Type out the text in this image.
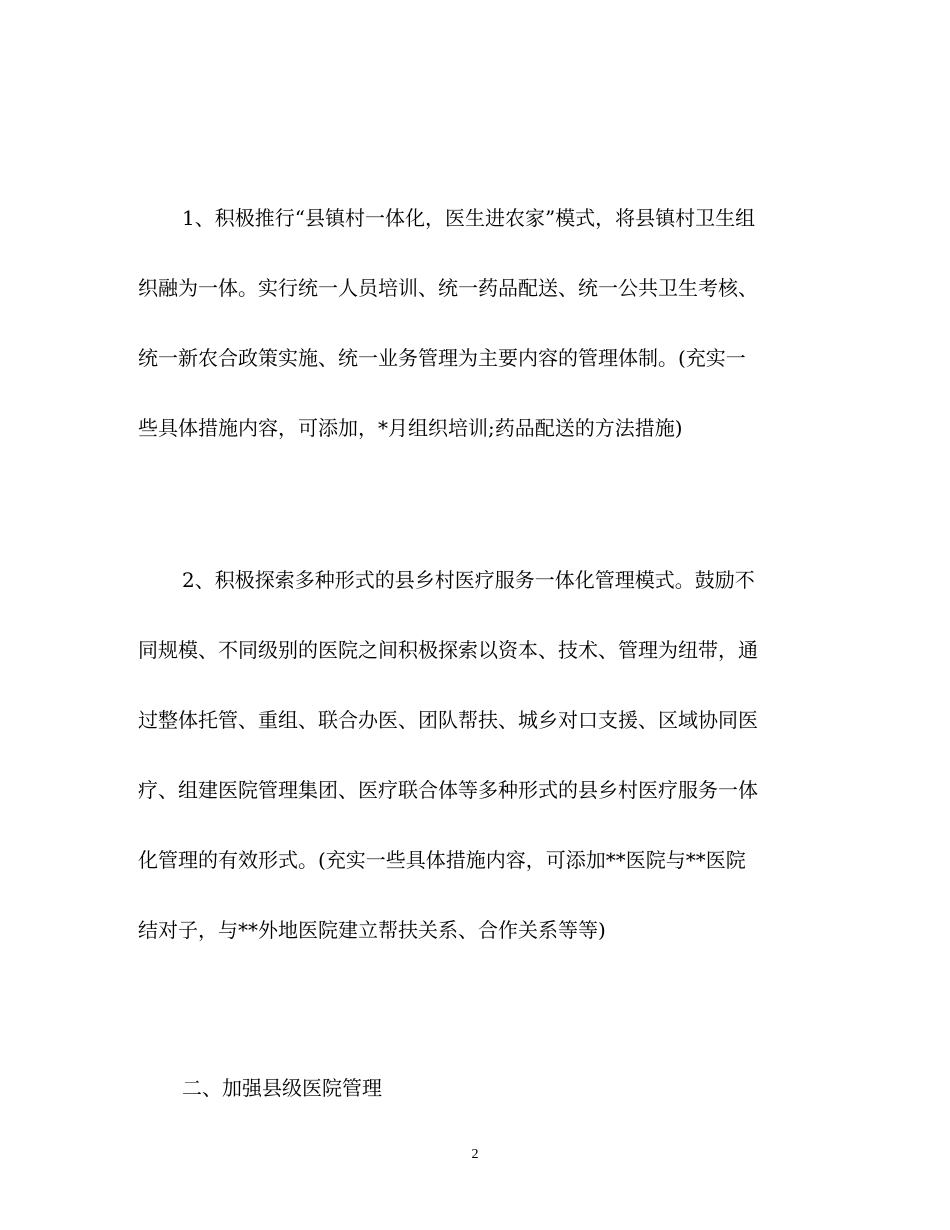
1、积极推行“县镇村一体化，医生进农家”模式，将县镇村卫生组
织融为一体。实行统一人员培训、统一药品配送、统一公共卫生考核、
统一新农合政策实施、统一业务管理为主要内容的管理体制。(充实一
些具体措施内容，可添加，*月组织培训;药品配送的方法措施)
2、积极探索多种形式的县乡村医疗服务一体化管理模式。鼓励不
同规模、不同级别的医院之间积极探索以资本、技术、管理为纽带，通
过整体托管、重组、联合办医、团队帮扶、城乡对口支援、区域协同医
疗、组建医院管理集团、医疗联合体等多种形式的县乡村医疗服务一体
化管理的有效形式。(充实一些具体措施内容，可添加**医院与**医院
结对子，与**外地医院建立帮扶关系、合作关系等等)
二、加强县级医院管理
2
